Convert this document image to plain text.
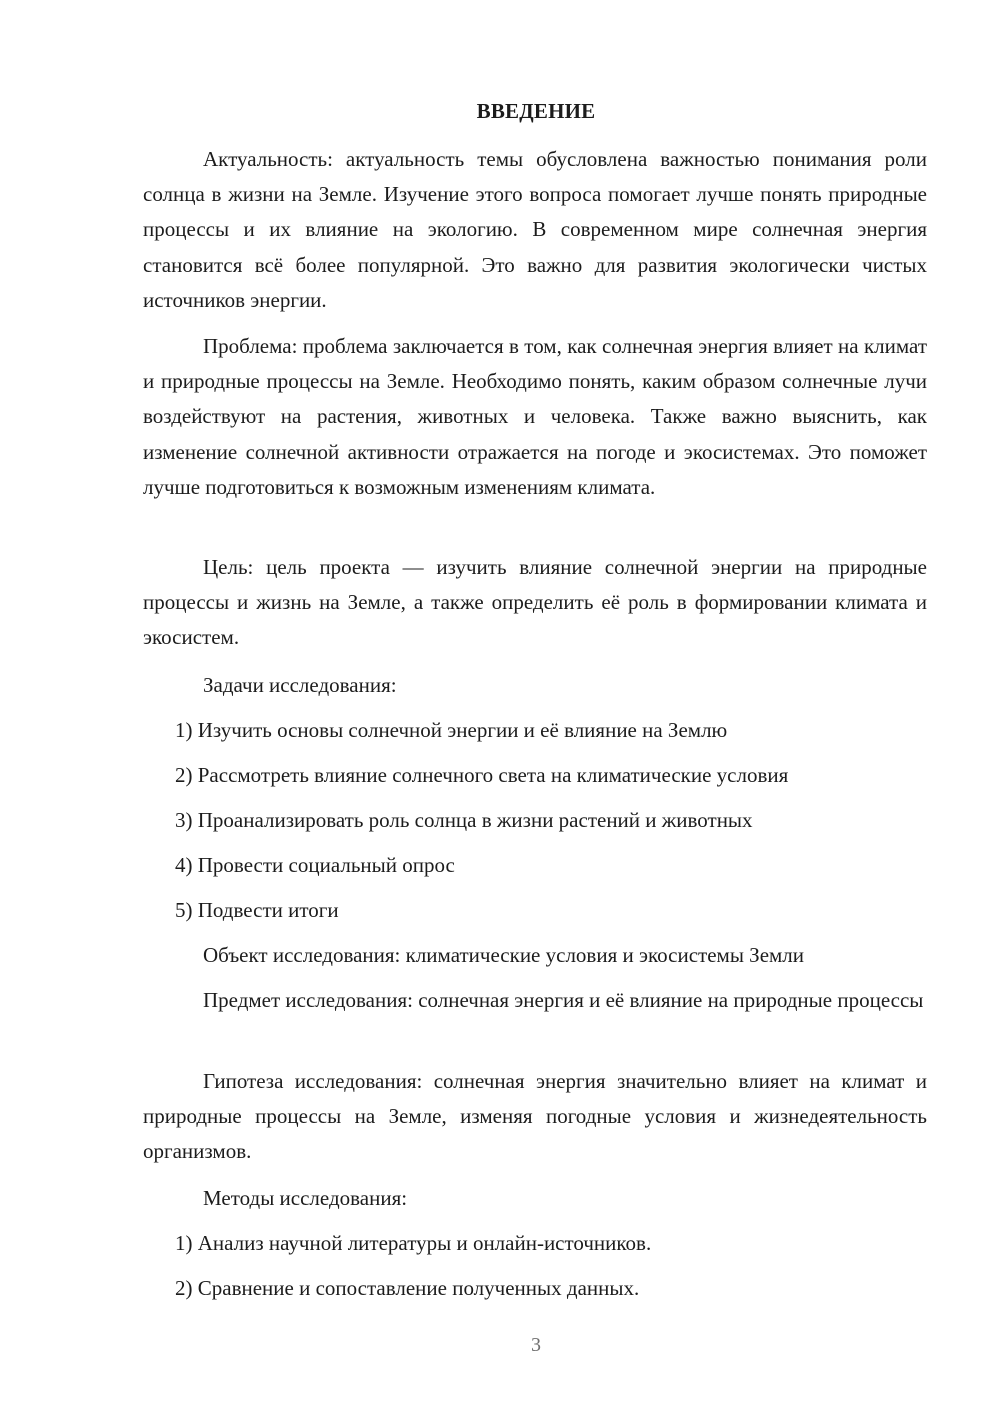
ВВЕДЕНИЕ

Актуальность: актуальность темы обусловлена важностью понимания роли солнца в жизни на Земле. Изучение этого вопроса помогает лучше понять природные процессы и их влияние на экологию. В современном мире солнечная энергия становится всё более популярной. Это важно для развития экологически чистых источников энергии.

Проблема: проблема заключается в том, как солнечная энергия влияет на климат и природные процессы на Земле. Необходимо понять, каким образом солнечные лучи воздействуют на растения, животных и человека. Также важно выяснить, как изменение солнечной активности отражается на погоде и экосистемах. Это поможет лучше подготовиться к возможным изменениям климата.

Цель: цель проекта — изучить влияние солнечной энергии на природные процессы и жизнь на Земле, а также определить её роль в формировании климата и экосистем.

Задачи исследования:

1) Изучить основы солнечной энергии и её влияние на Землю

2) Рассмотреть влияние солнечного света на климатические условия

3) Проанализировать роль солнца в жизни растений и животных

4) Провести социальный опрос

5) Подвести итоги

Объект исследования: климатические условия и экосистемы Земли

Предмет исследования: солнечная энергия и её влияние на природные процессы

Гипотеза исследования: солнечная энергия значительно влияет на климат и природные процессы на Земле, изменяя погодные условия и жизнедеятельность организмов.

Методы исследования:

1) Анализ научной литературы и онлайн-источников.

2) Сравнение и сопоставление полученных данных.

3
